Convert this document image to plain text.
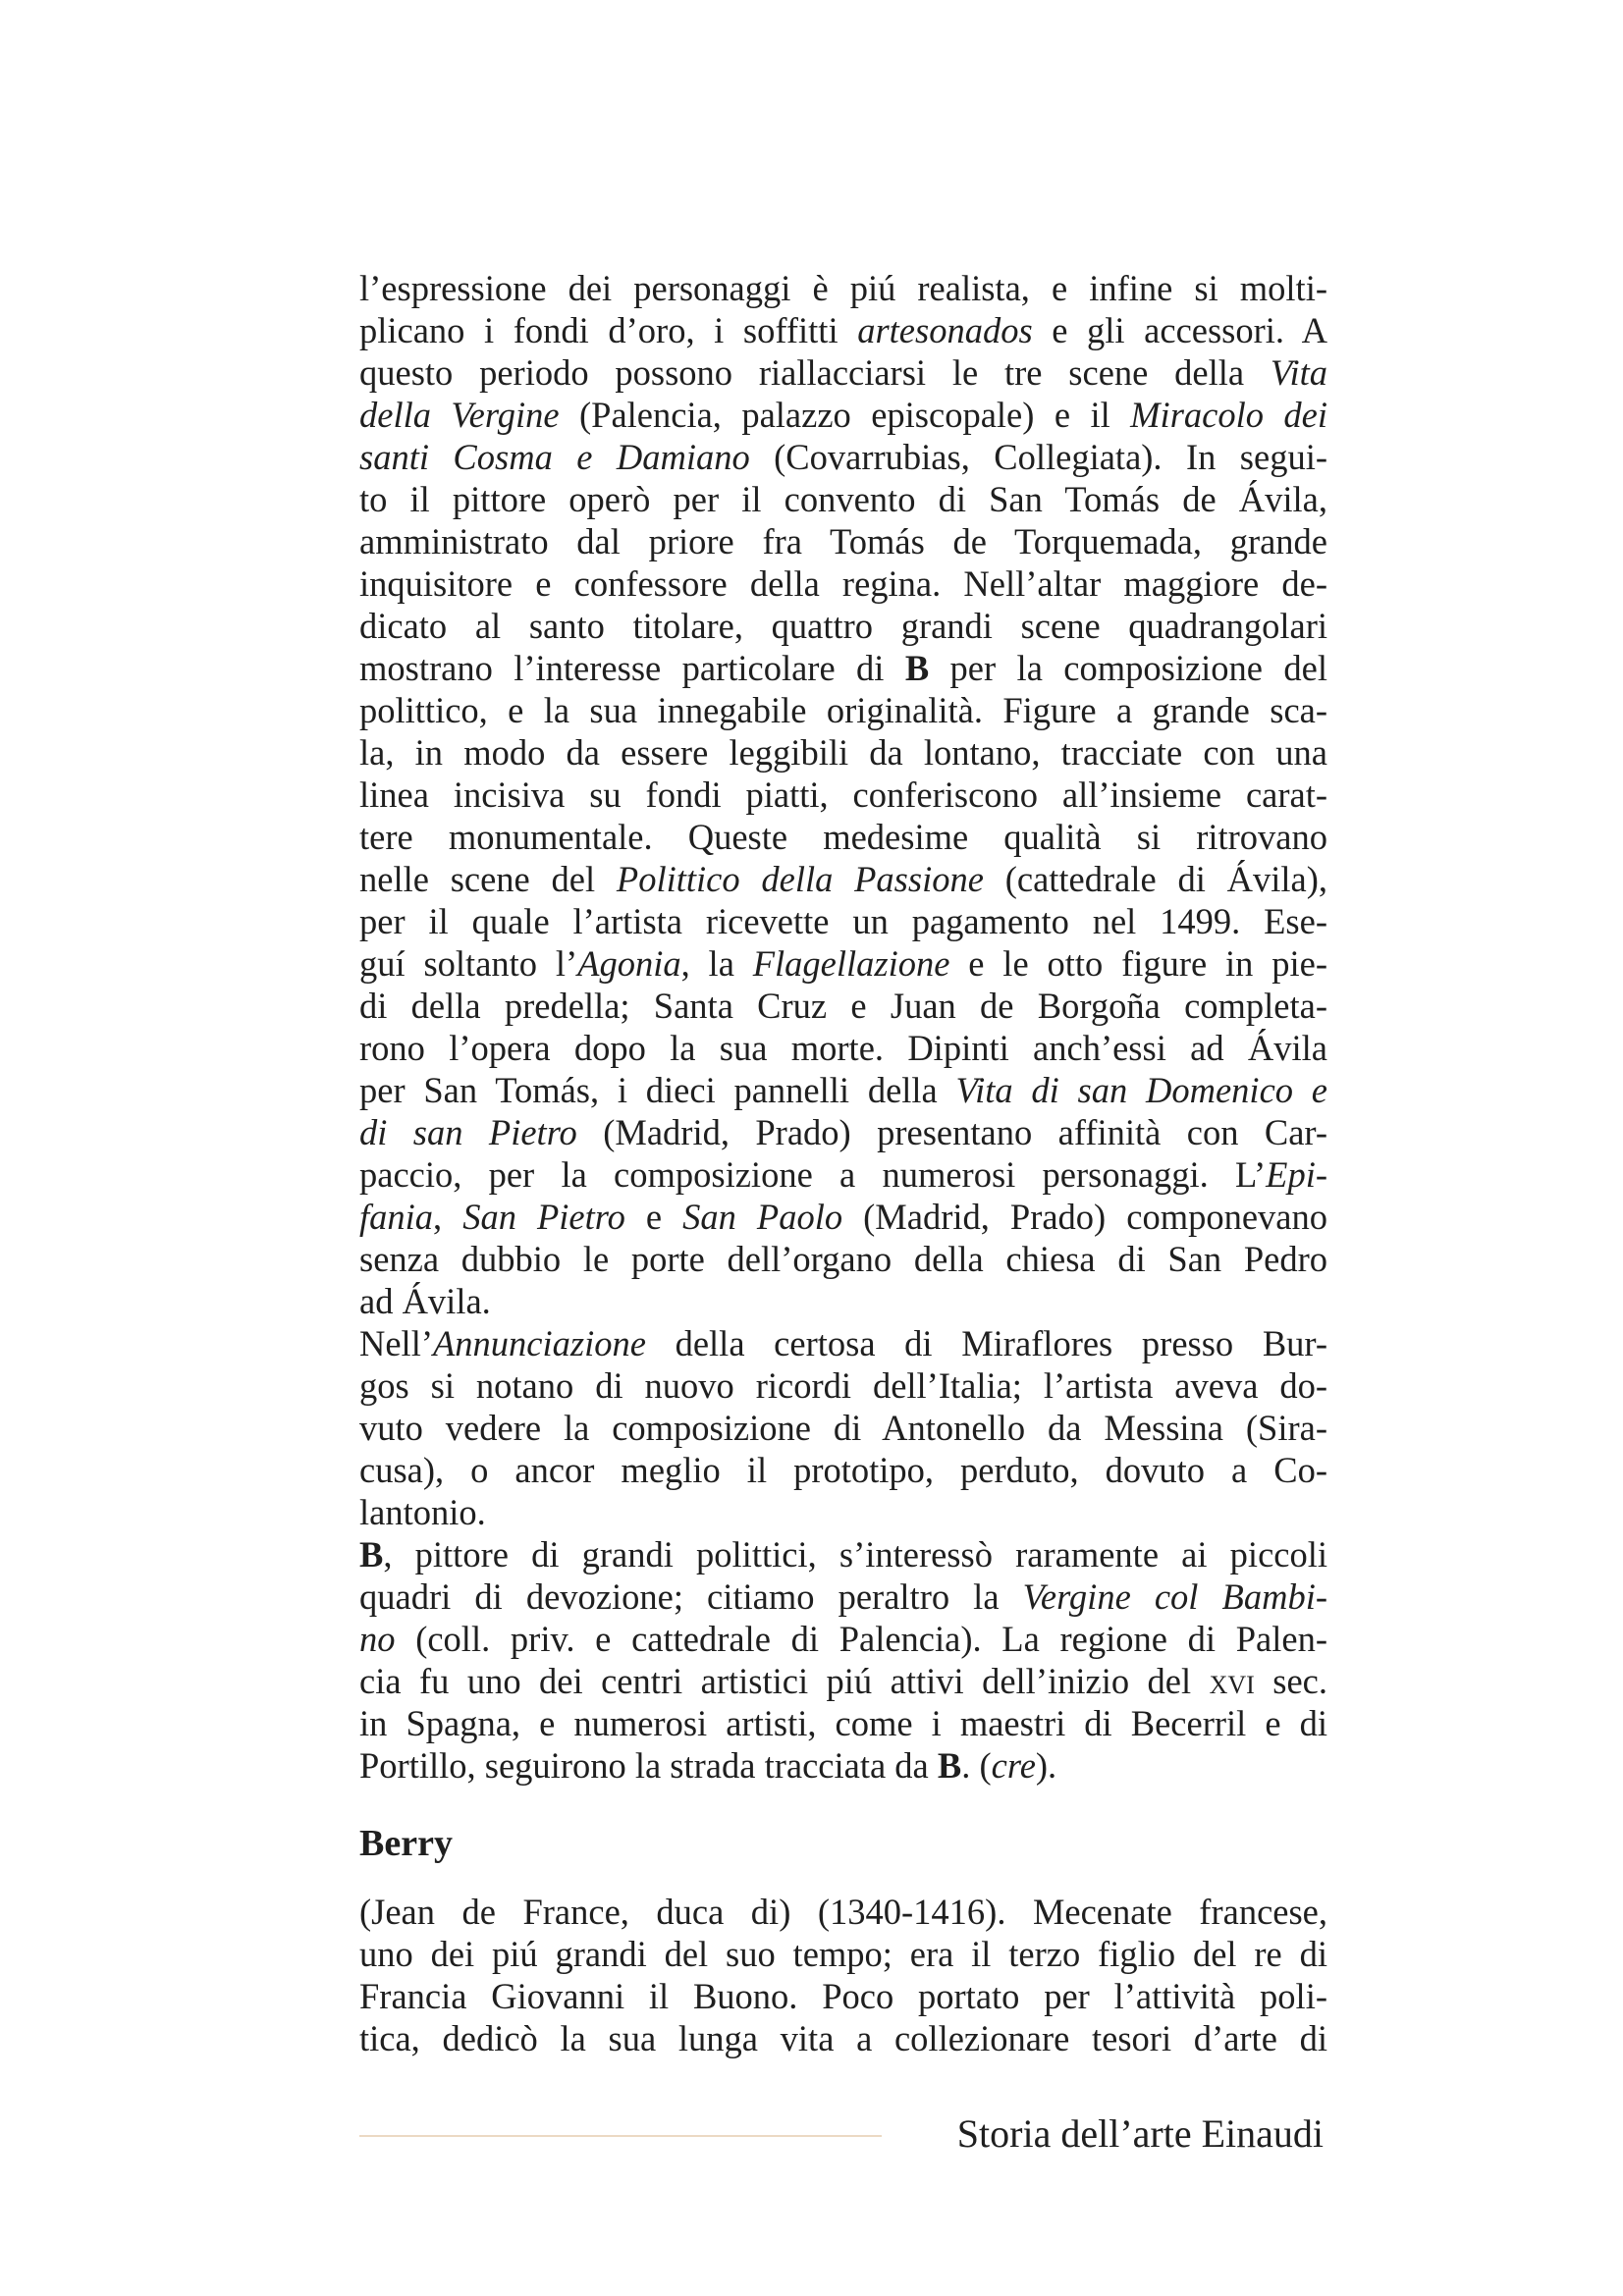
l’espressione dei personaggi è piú realista, e infine si molti-
plicano i fondi d’oro, i soffitti artesonados e gli accessori. A
questo periodo possono riallacciarsi le tre scene della Vita
della Vergine (Palencia, palazzo episcopale) e il Miracolo dei
santi Cosma e Damiano (Covarrubias, Collegiata). In segui-
to il pittore operò per il convento di San Tomás de Ávila,
amministrato dal priore fra Tomás de Torquemada, grande
inquisitore e confessore della regina. Nell’altar maggiore de-
dicato al santo titolare, quattro grandi scene quadrangolari
mostrano l’interesse particolare di B per la composizione del
polittico, e la sua innegabile originalità. Figure a grande sca-
la, in modo da essere leggibili da lontano, tracciate con una
linea incisiva su fondi piatti, conferiscono all’insieme carat-
tere monumentale. Queste medesime qualità si ritrovano
nelle scene del Polittico della Passione (cattedrale di Ávila),
per il quale l’artista ricevette un pagamento nel 1499. Ese-
guí soltanto l’Agonia, la Flagellazione e le otto figure in pie-
di della predella; Santa Cruz e Juan de Borgoña completa-
rono l’opera dopo la sua morte. Dipinti anch’essi ad Ávila
per San Tomás, i dieci pannelli della Vita di san Domenico e
di san Pietro (Madrid, Prado) presentano affinità con Car-
paccio, per la composizione a numerosi personaggi. L’Epi-
fania, San Pietro e San Paolo (Madrid, Prado) componevano
senza dubbio le porte dell’organo della chiesa di San Pedro
ad Ávila.
Nell’Annunciazione della certosa di Miraflores presso Bur-
gos si notano di nuovo ricordi dell’Italia; l’artista aveva do-
vuto vedere la composizione di Antonello da Messina (Sira-
cusa), o ancor meglio il prototipo, perduto, dovuto a Co-
lantonio.
B, pittore di grandi polittici, s’interessò raramente ai piccoli
quadri di devozione; citiamo peraltro la Vergine col Bambi-
no (coll. priv. e cattedrale di Palencia). La regione di Palen-
cia fu uno dei centri artistici piú attivi dell’inizio del xvi sec.
in Spagna, e numerosi artisti, come i maestri di Becerril e di
Portillo, seguirono la strada tracciata da B. (cre).
Berry
(Jean de France, duca di) (1340-1416). Mecenate francese,
uno dei piú grandi del suo tempo; era il terzo figlio del re di
Francia Giovanni il Buono. Poco portato per l’attività poli-
tica, dedicò la sua lunga vita a collezionare tesori d’arte di
Storia dell’arte Einaudi
